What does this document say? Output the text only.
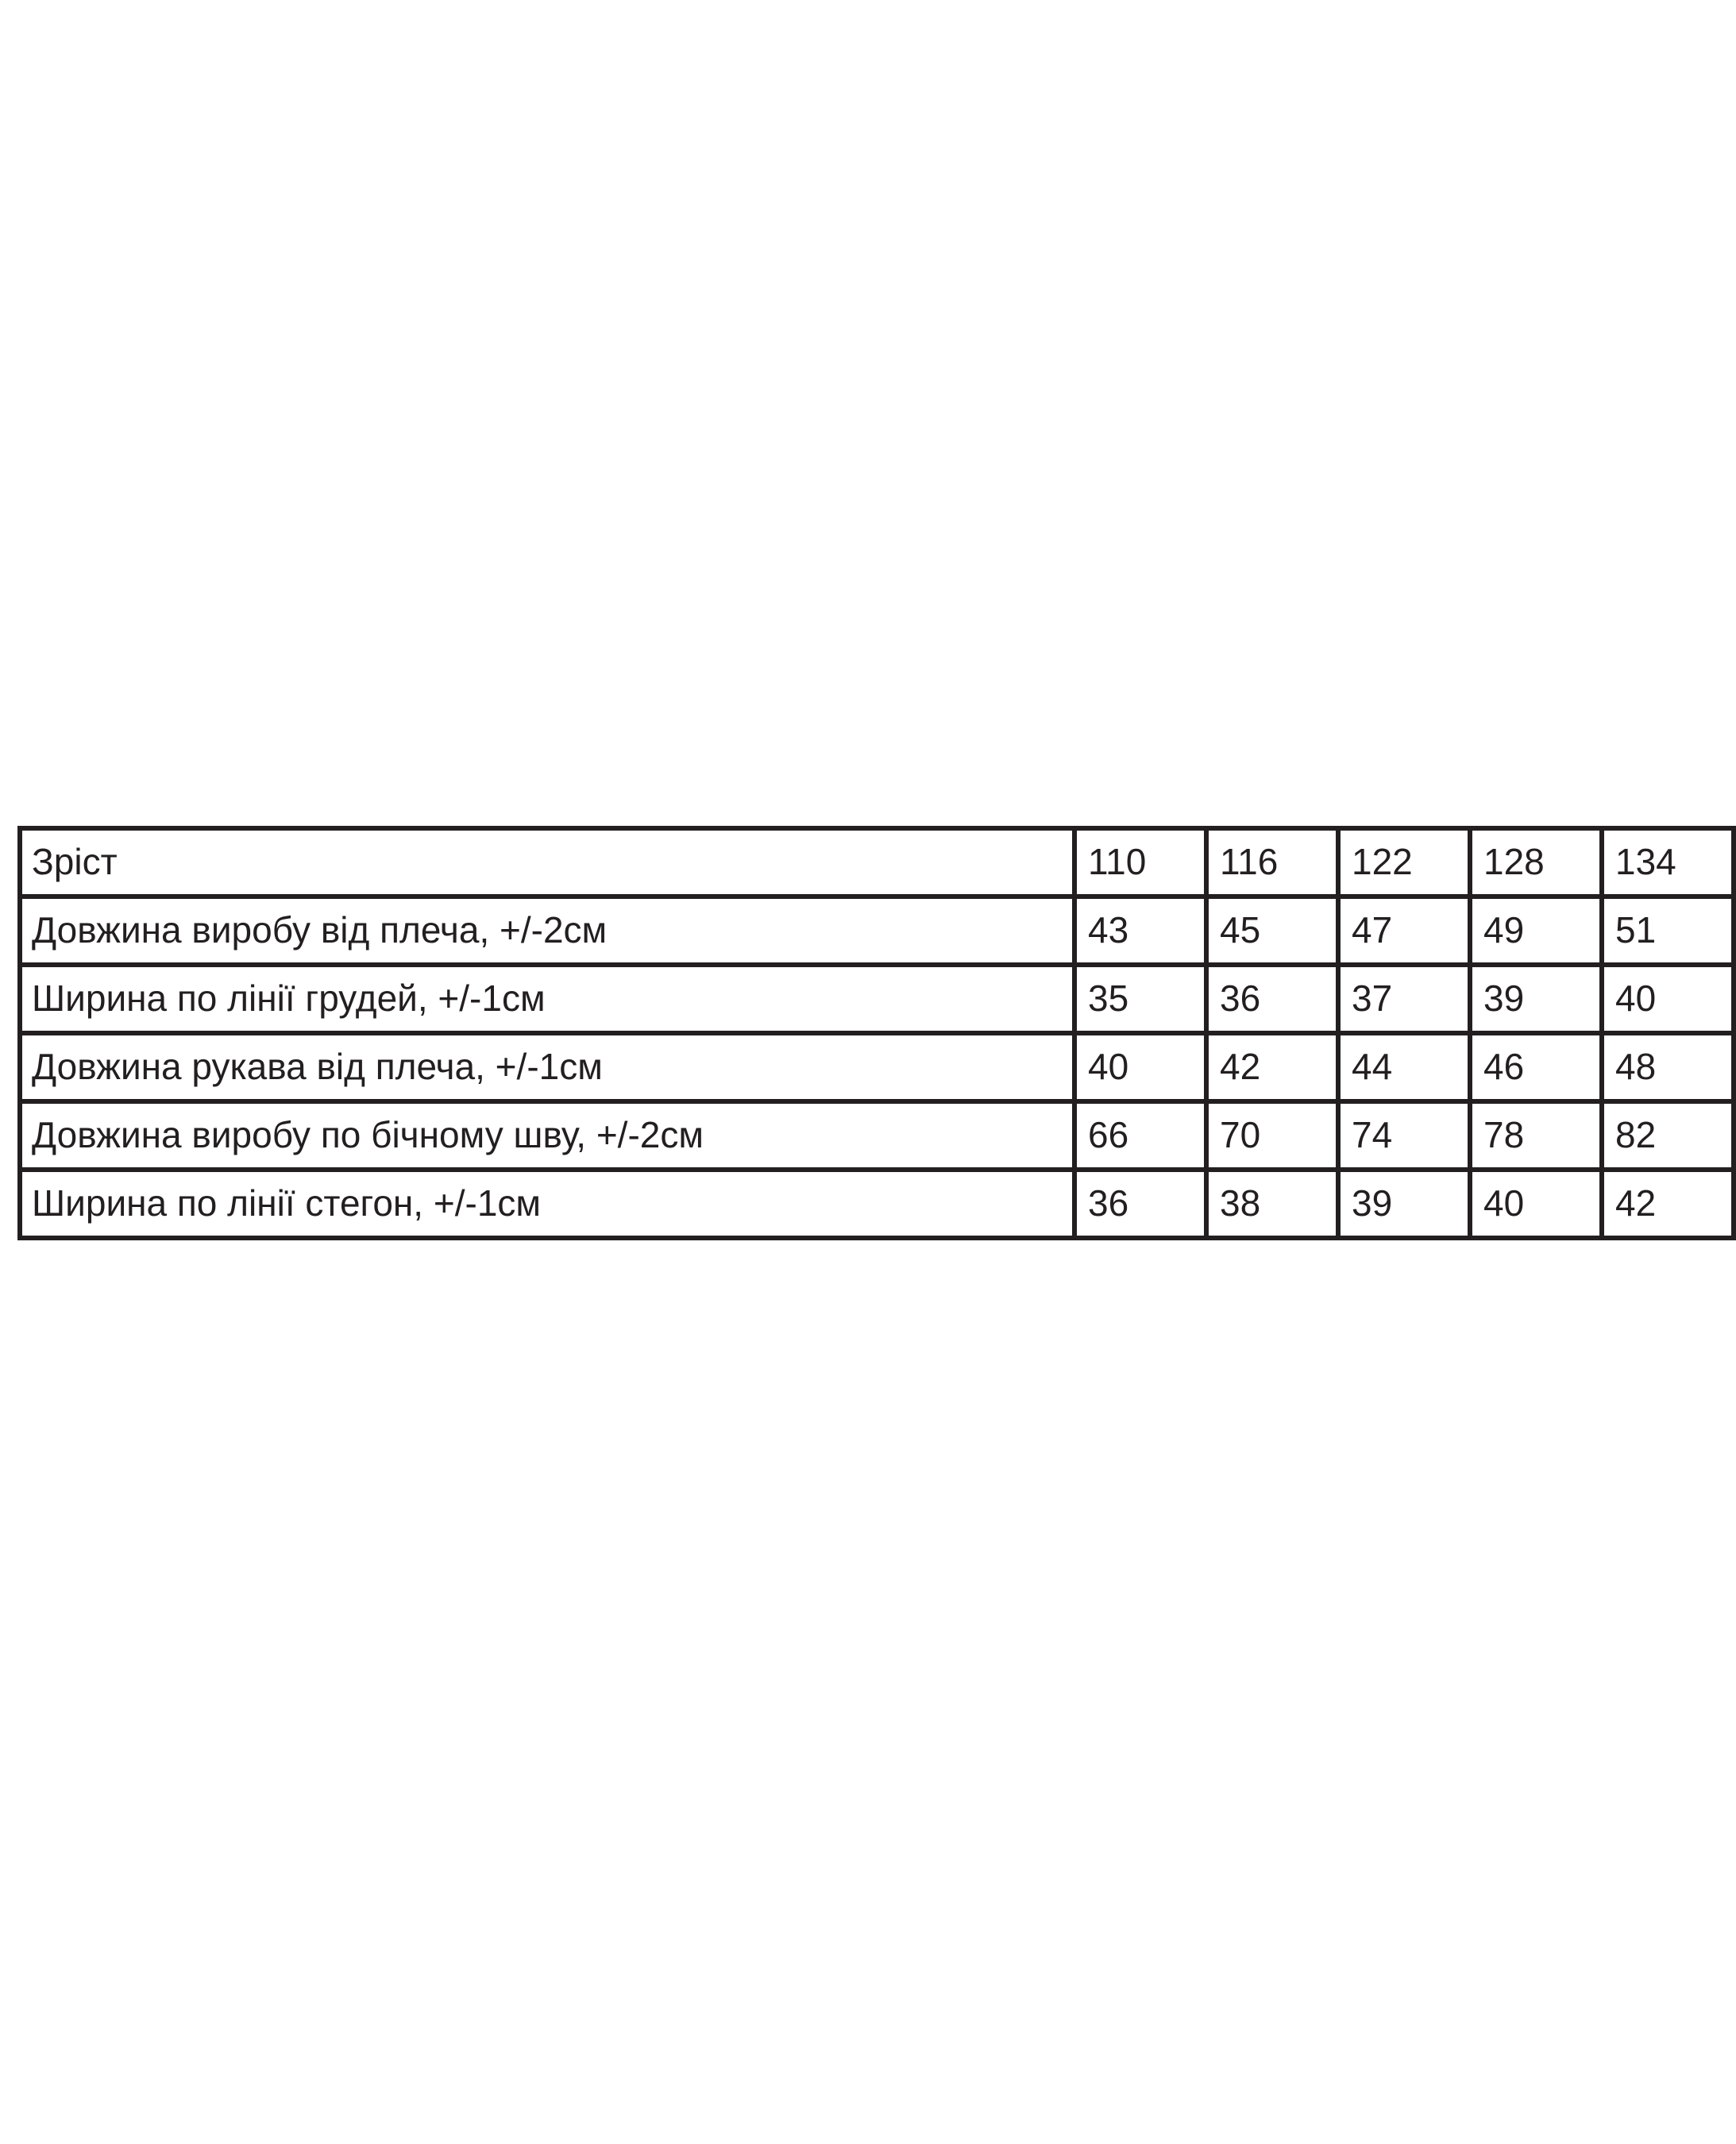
Зріст	110	116	122	128	134
Довжина виробу від плеча, +/-2см	43	45	47	49	51
Ширина по лінії грудей, +/-1см	35	36	37	39	40
Довжина рукава від плеча, +/-1см	40	42	44	46	48
Довжина виробу по бічному шву, +/-2см	66	70	74	78	82
Ширина по лінії стегон, +/-1см	36	38	39	40	42
